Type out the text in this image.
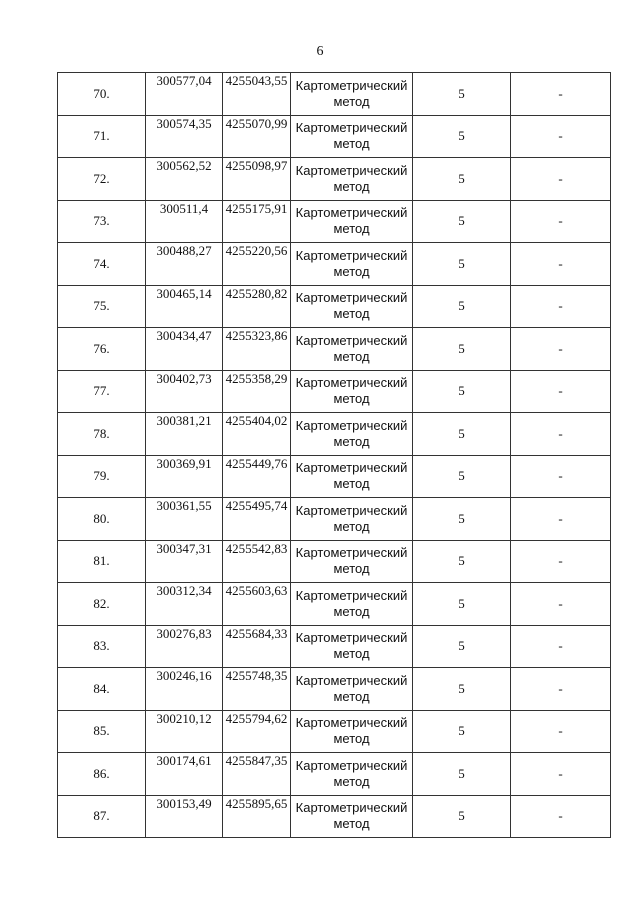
6
70.	300577,04	4255043,55	Картометрический метод	5	-
71.	300574,35	4255070,99	Картометрический метод	5	-
72.	300562,52	4255098,97	Картометрический метод	5	-
73.	300511,4	4255175,91	Картометрический метод	5	-
74.	300488,27	4255220,56	Картометрический метод	5	-
75.	300465,14	4255280,82	Картометрический метод	5	-
76.	300434,47	4255323,86	Картометрический метод	5	-
77.	300402,73	4255358,29	Картометрический метод	5	-
78.	300381,21	4255404,02	Картометрический метод	5	-
79.	300369,91	4255449,76	Картометрический метод	5	-
80.	300361,55	4255495,74	Картометрический метод	5	-
81.	300347,31	4255542,83	Картометрический метод	5	-
82.	300312,34	4255603,63	Картометрический метод	5	-
83.	300276,83	4255684,33	Картометрический метод	5	-
84.	300246,16	4255748,35	Картометрический метод	5	-
85.	300210,12	4255794,62	Картометрический метод	5	-
86.	300174,61	4255847,35	Картометрический метод	5	-
87.	300153,49	4255895,65	Картометрический метод	5	-
